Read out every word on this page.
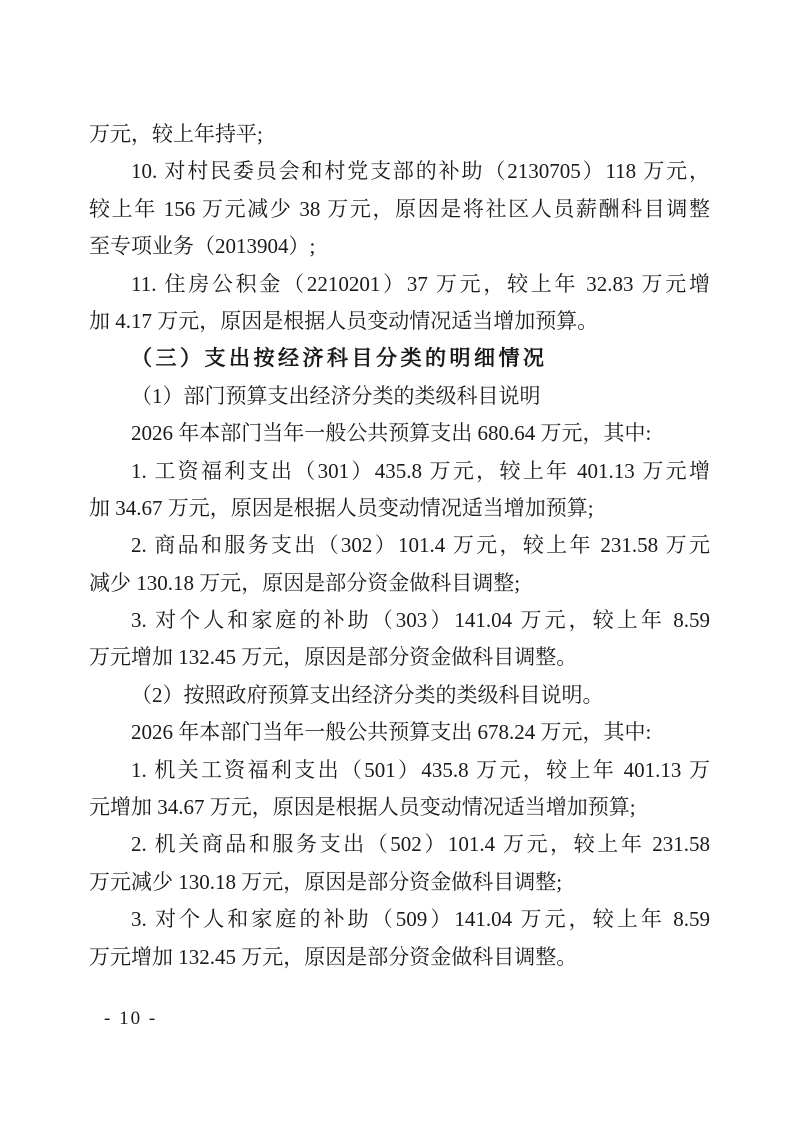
万元，较上年持平;
10. 对村民委员会和村党支部的补助（2130705）118 万元，
较上年 156 万元减少 38 万元，原因是将社区人员薪酬科目调整
至专项业务（2013904）;
11. 住房公积金（2210201）37 万元，较上年 32.83 万元增
加 4.17 万元，原因是根据人员变动情况适当增加预算。
（三）支出按经济科目分类的明细情况
（1）部门预算支出经济分类的类级科目说明
2026 年本部门当年一般公共预算支出 680.64 万元，其中:
1. 工资福利支出（301）435.8 万元，较上年 401.13 万元增
加 34.67 万元，原因是根据人员变动情况适当增加预算;
2. 商品和服务支出（302）101.4 万元，较上年 231.58 万元
减少 130.18 万元，原因是部分资金做科目调整;
3. 对个人和家庭的补助（303）141.04 万元，较上年 8.59
万元增加 132.45 万元，原因是部分资金做科目调整。
（2）按照政府预算支出经济分类的类级科目说明。
2026 年本部门当年一般公共预算支出 678.24 万元，其中:
1. 机关工资福利支出（501）435.8 万元，较上年 401.13 万
元增加 34.67 万元，原因是根据人员变动情况适当增加预算;
2. 机关商品和服务支出（502）101.4 万元，较上年 231.58
万元减少 130.18 万元，原因是部分资金做科目调整;
3. 对个人和家庭的补助（509）141.04 万元，较上年 8.59
万元增加 132.45 万元，原因是部分资金做科目调整。
- 10 -
